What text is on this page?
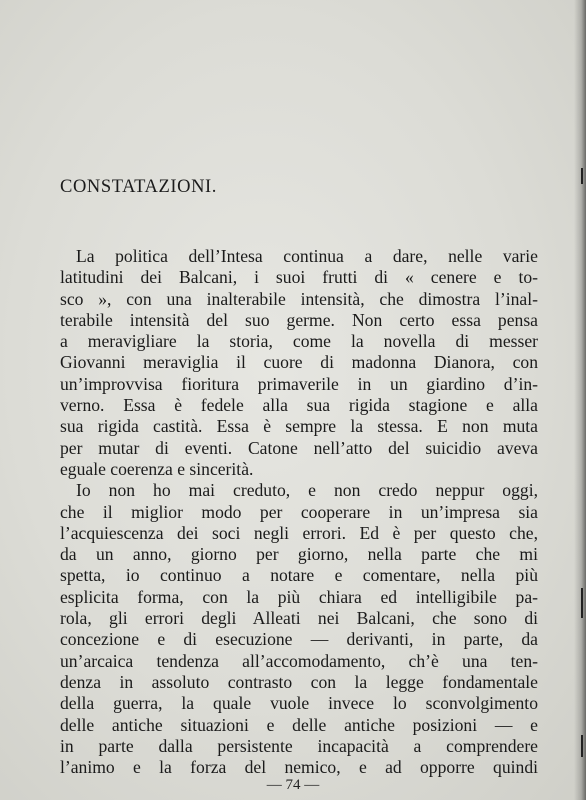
CONSTATAZIONI.
La politica dell’Intesa continua a dare, nelle varie
latitudini dei Balcani, i suoi frutti di « cenere e to-
sco », con una inalterabile intensità, che dimostra l’inal-
terabile intensità del suo germe. Non certo essa pensa
a meravigliare la storia, come la novella di messer
Giovanni meraviglia il cuore di madonna Dianora, con
un’improvvisa fioritura primaverile in un giardino d’in-
verno. Essa è fedele alla sua rigida stagione e alla
sua rigida castità. Essa è sempre la stessa. E non muta
per mutar di eventi. Catone nell’atto del suicidio aveva
eguale coerenza e sincerità.
Io non ho mai creduto, e non credo neppur oggi,
che il miglior modo per cooperare in un’impresa sia
l’acquiescenza dei soci negli errori. Ed è per questo che,
da un anno, giorno per giorno, nella parte che mi
spetta, io continuo a notare e comentare, nella più
esplicita forma, con la più chiara ed intelligibile pa-
rola, gli errori degli Alleati nei Balcani, che sono di
concezione e di esecuzione — derivanti, in parte, da
un’arcaica tendenza all’accomodamento, ch’è una ten-
denza in assoluto contrasto con la legge fondamentale
della guerra, la quale vuole invece lo sconvolgimento
delle antiche situazioni e delle antiche posizioni — e
in parte dalla persistente incapacità a comprendere
l’animo e la forza del nemico, e ad opporre quindi
— 74 —
